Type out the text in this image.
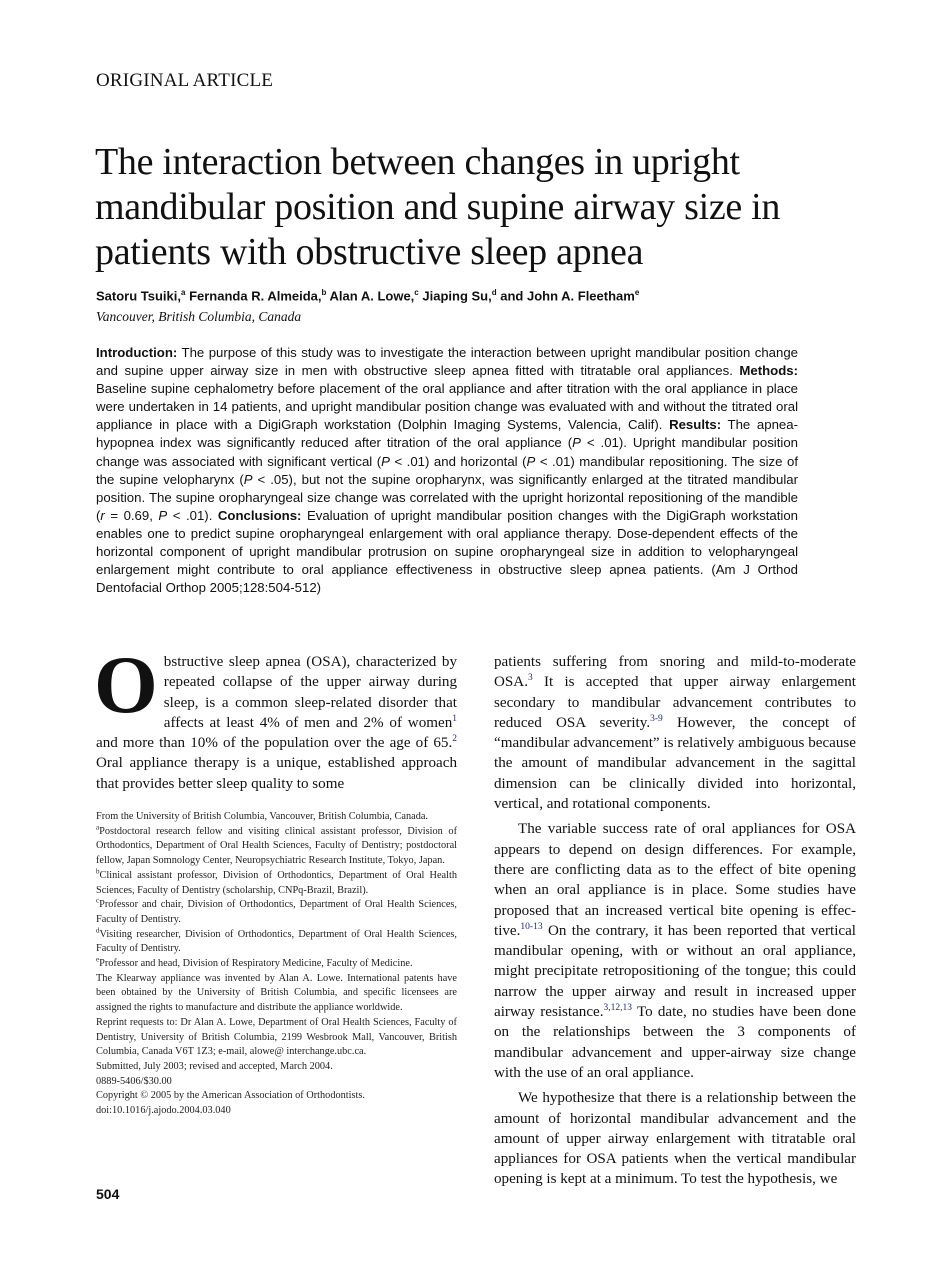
ORIGINAL ARTICLE
The interaction between changes in upright mandibular position and supine airway size in patients with obstructive sleep apnea
Satoru Tsuiki,$^a$ Fernanda R. Almeida,$^b$ Alan A. Lowe,$^c$ Jiaping Su,$^d$ and John A. Fleetham$^e$
Vancouver, British Columbia, Canada

Introduction: The purpose of this study was to investigate the interaction between upright mandibular position change and supine upper airway size in men with obstructive sleep apnea fitted with titratable oral appliances. Methods: Baseline supine cephalometry before placement of the oral appliance and after titration with the oral appliance in place were undertaken in 14 patients, and upright mandibular position change was evaluated with and without the titrated oral appliance in place with a DigiGraph workstation (Dolphin Imaging Systems, Valencia, Calif). Results: The apnea-hypopnea index was significantly reduced after titration of the oral appliance (P < .01). Upright mandibular position change was associated with significant vertical (P < .01) and horizontal (P < .01) mandibular repositioning. The size of the supine velopharynx (P < .05), but not the supine oropharynx, was significantly enlarged at the titrated mandibular position. The supine oropharyngeal size change was correlated with the upright horizontal repositioning of the mandible (r = 0.69, P < .01). Conclusions: Evaluation of upright mandibular position changes with the DigiGraph workstation enables one to predict supine oropharyngeal enlargement with oral appliance therapy. Dose-dependent effects of the horizontal component of upright mandibular protrusion on supine oropharyngeal size in addition to velopharyngeal enlargement might contribute to oral appliance effectiveness in obstructive sleep apnea patients. (Am J Orthod Dentofacial Orthop 2005;128:504-512)

Obstructive sleep apnea (OSA), characterized by repeated collapse of the upper airway during sleep, is a common sleep-related disorder that affects at least 4% of men and 2% of women$^1$ and more than 10% of the population over the age of 65.$^2$ Oral appliance therapy is a unique, established approach that provides better sleep quality to some

From the University of British Columbia, Vancouver, British Columbia, Canada.

$^a$Postdoctoral research fellow and visiting clinical assistant professor, Division of Orthodontics, Department of Oral Health Sciences, Faculty of Dentistry; postdoctoral fellow, Japan Somnology Center, Neuropsychiatric Research Institute, Tokyo, Japan.

$^b$Clinical assistant professor, Division of Orthodontics, Department of Oral Health Sciences, Faculty of Dentistry (scholarship, CNPq-Brazil, Brazil).

$^c$Professor and chair, Division of Orthodontics, Department of Oral Health Sciences, Faculty of Dentistry.

$^d$Visiting researcher, Division of Orthodontics, Department of Oral Health Sciences, Faculty of Dentistry.

$^e$Professor and head, Division of Respiratory Medicine, Faculty of Medicine.

The Klearway appliance was invented by Alan A. Lowe. International patents have been obtained by the University of British Columbia, and specific licensees are assigned the rights to manufacture and distribute the appliance worldwide.

Reprint requests to: Dr Alan A. Lowe, Department of Oral Health Sciences, Faculty of Dentistry, University of British Columbia, 2199 Wesbrook Mall, Vancouver, British Columbia, Canada V6T 1Z3; e-mail, alowe@ interchange.ubc.ca.

Submitted, July 2003; revised and accepted, March 2004.

0889-5406/$30.00

Copyright © 2005 by the American Association of Orthodontists.

doi:10.1016/j.ajodo.2004.03.040

patients suffering from snoring and mild-to-moderate OSA.$^3$ It is accepted that upper airway enlargement secondary to mandibular advancement contributes to reduced OSA severity.$^{3-9}$ However, the concept of “mandibular advancement” is relatively ambiguous because the amount of mandibular advancement in the sagittal dimension can be clinically divided into horizontal, vertical, and rotational components.

The variable success rate of oral appliances for OSA appears to depend on design differences. For example, there are conflicting data as to the effect of bite opening when an oral appliance is in place. Some studies have proposed that an increased vertical bite opening is effective.$^{10-13}$ On the contrary, it has been reported that vertical mandibular opening, with or without an oral appliance, might precipitate retropositioning of the tongue; this could narrow the upper airway and result in increased upper airway resistance.$^{3,12,13}$ To date, no studies have been done on the relationships between the 3 components of mandibular advancement and upper-airway size change with the use of an oral appliance.

We hypothesize that there is a relationship between the amount of horizontal mandibular advancement and the amount of upper airway enlargement with titratable oral appliances for OSA patients when the vertical mandibular opening is kept at a minimum. To test the hypothesis, we

504
